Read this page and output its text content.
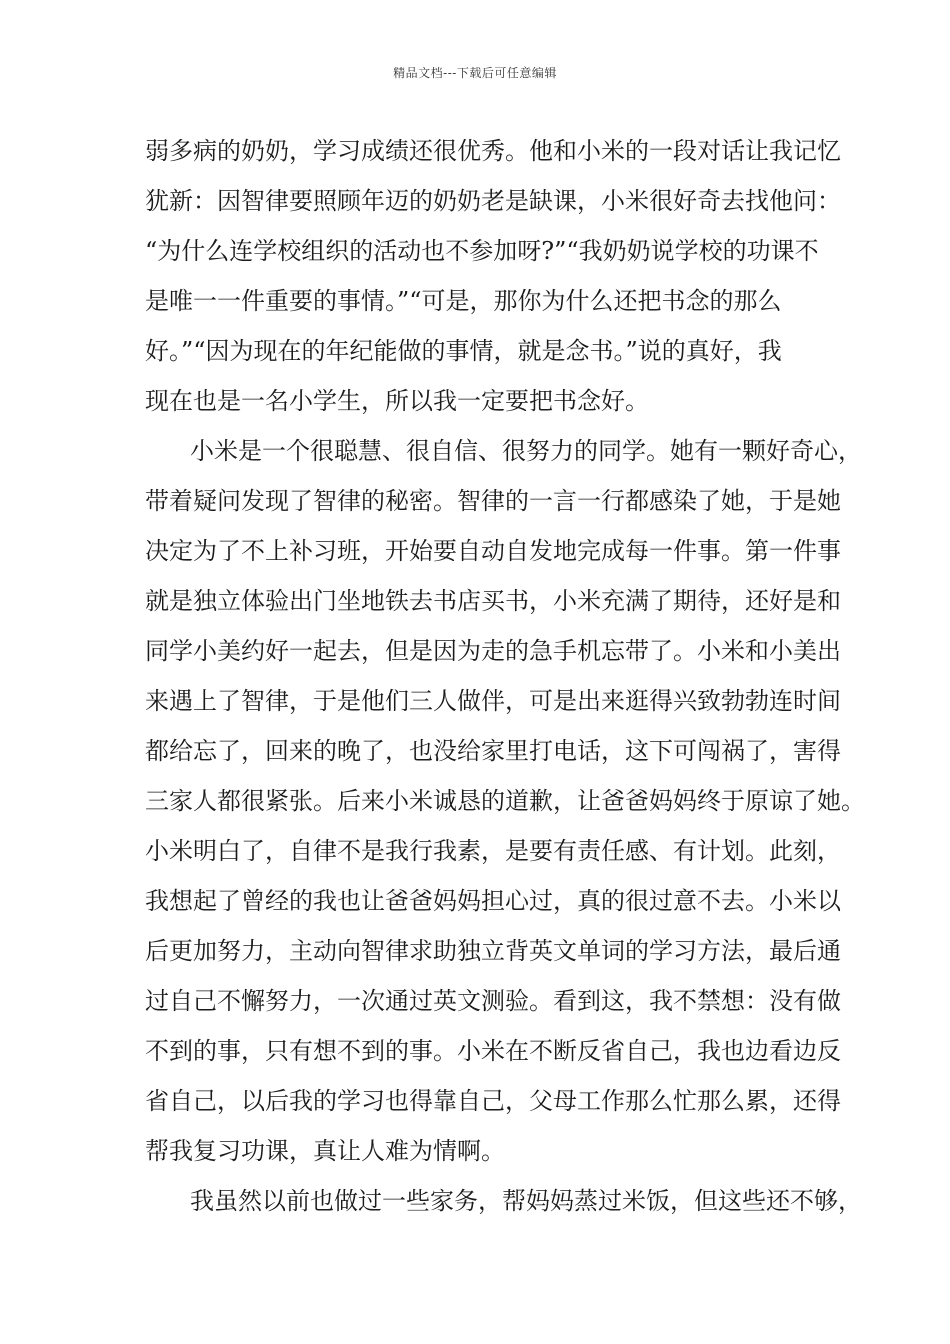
精品文档---下载后可任意编辑
弱多病的奶奶，学习成绩还很优秀。他和小米的一段对话让我记忆
犹新：因智律要照顾年迈的奶奶老是缺课，小米很好奇去找他问：
“为什么连学校组织的活动也不参加呀?”“我奶奶说学校的功课不
是唯一一件重要的事情。”“可是，那你为什么还把书念的那么
好。”“因为现在的年纪能做的事情，就是念书。”说的真好，我
现在也是一名小学生，所以我一定要把书念好。
小米是一个很聪慧、很自信、很努力的同学。她有一颗好奇心，
带着疑问发现了智律的秘密。智律的一言一行都感染了她，于是她
决定为了不上补习班，开始要自动自发地完成每一件事。第一件事
就是独立体验出门坐地铁去书店买书，小米充满了期待，还好是和
同学小美约好一起去，但是因为走的急手机忘带了。小米和小美出
来遇上了智律，于是他们三人做伴，可是出来逛得兴致勃勃连时间
都给忘了，回来的晚了，也没给家里打电话，这下可闯祸了，害得
三家人都很紧张。后来小米诚恳的道歉，让爸爸妈妈终于原谅了她。
小米明白了，自律不是我行我素，是要有责任感、有计划。此刻，
我想起了曾经的我也让爸爸妈妈担心过，真的很过意不去。小米以
后更加努力，主动向智律求助独立背英文单词的学习方法，最后通
过自己不懈努力，一次通过英文测验。看到这，我不禁想：没有做
不到的事，只有想不到的事。小米在不断反省自己，我也边看边反
省自己，以后我的学习也得靠自己，父母工作那么忙那么累，还得
帮我复习功课，真让人难为情啊。
我虽然以前也做过一些家务，帮妈妈蒸过米饭，但这些还不够，
